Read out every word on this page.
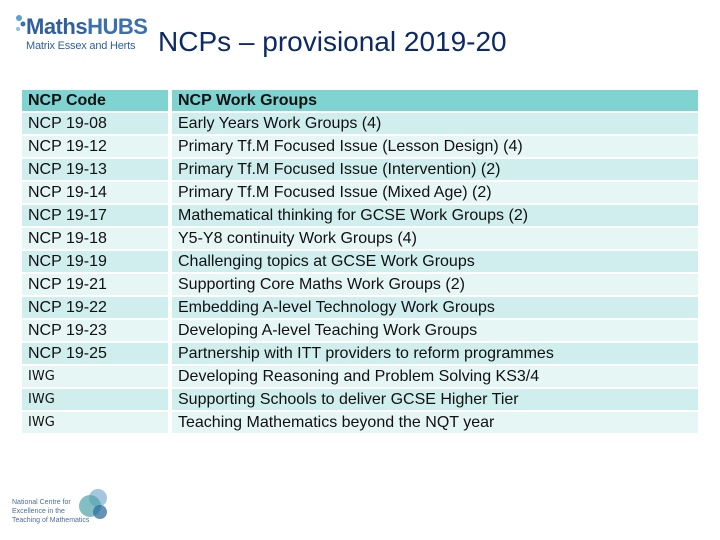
MathsHUBS
Matrix Essex and Herts NCPs – provisional 2019-20
NCP Code		NCP Work Groups
NCP 19-08		Early Years Work Groups (4)
NCP 19-12		Primary Tf.M Focused Issue (Lesson Design) (4)
NCP 19-13		Primary Tf.M Focused Issue (Intervention) (2)
NCP 19-14		Primary Tf.M Focused Issue (Mixed Age) (2)
NCP 19-17		Mathematical thinking for GCSE Work Groups (2)
NCP 19-18		Y5-Y8 continuity Work Groups (4)
NCP 19-19		Challenging topics at GCSE Work Groups
NCP 19-21		Supporting Core Maths Work Groups (2)
NCP 19-22		Embedding A-level Technology Work Groups
NCP 19-23		Developing A-level Teaching Work Groups
NCP 19-25		Partnership with ITT providers to reform programmes
IWG		Developing Reasoning and Problem Solving KS3/4
IWG		Supporting Schools to deliver GCSE Higher Tier
IWG		Teaching Mathematics beyond the NQT year
National Centre for Excellence in the Teaching of Mathematics
